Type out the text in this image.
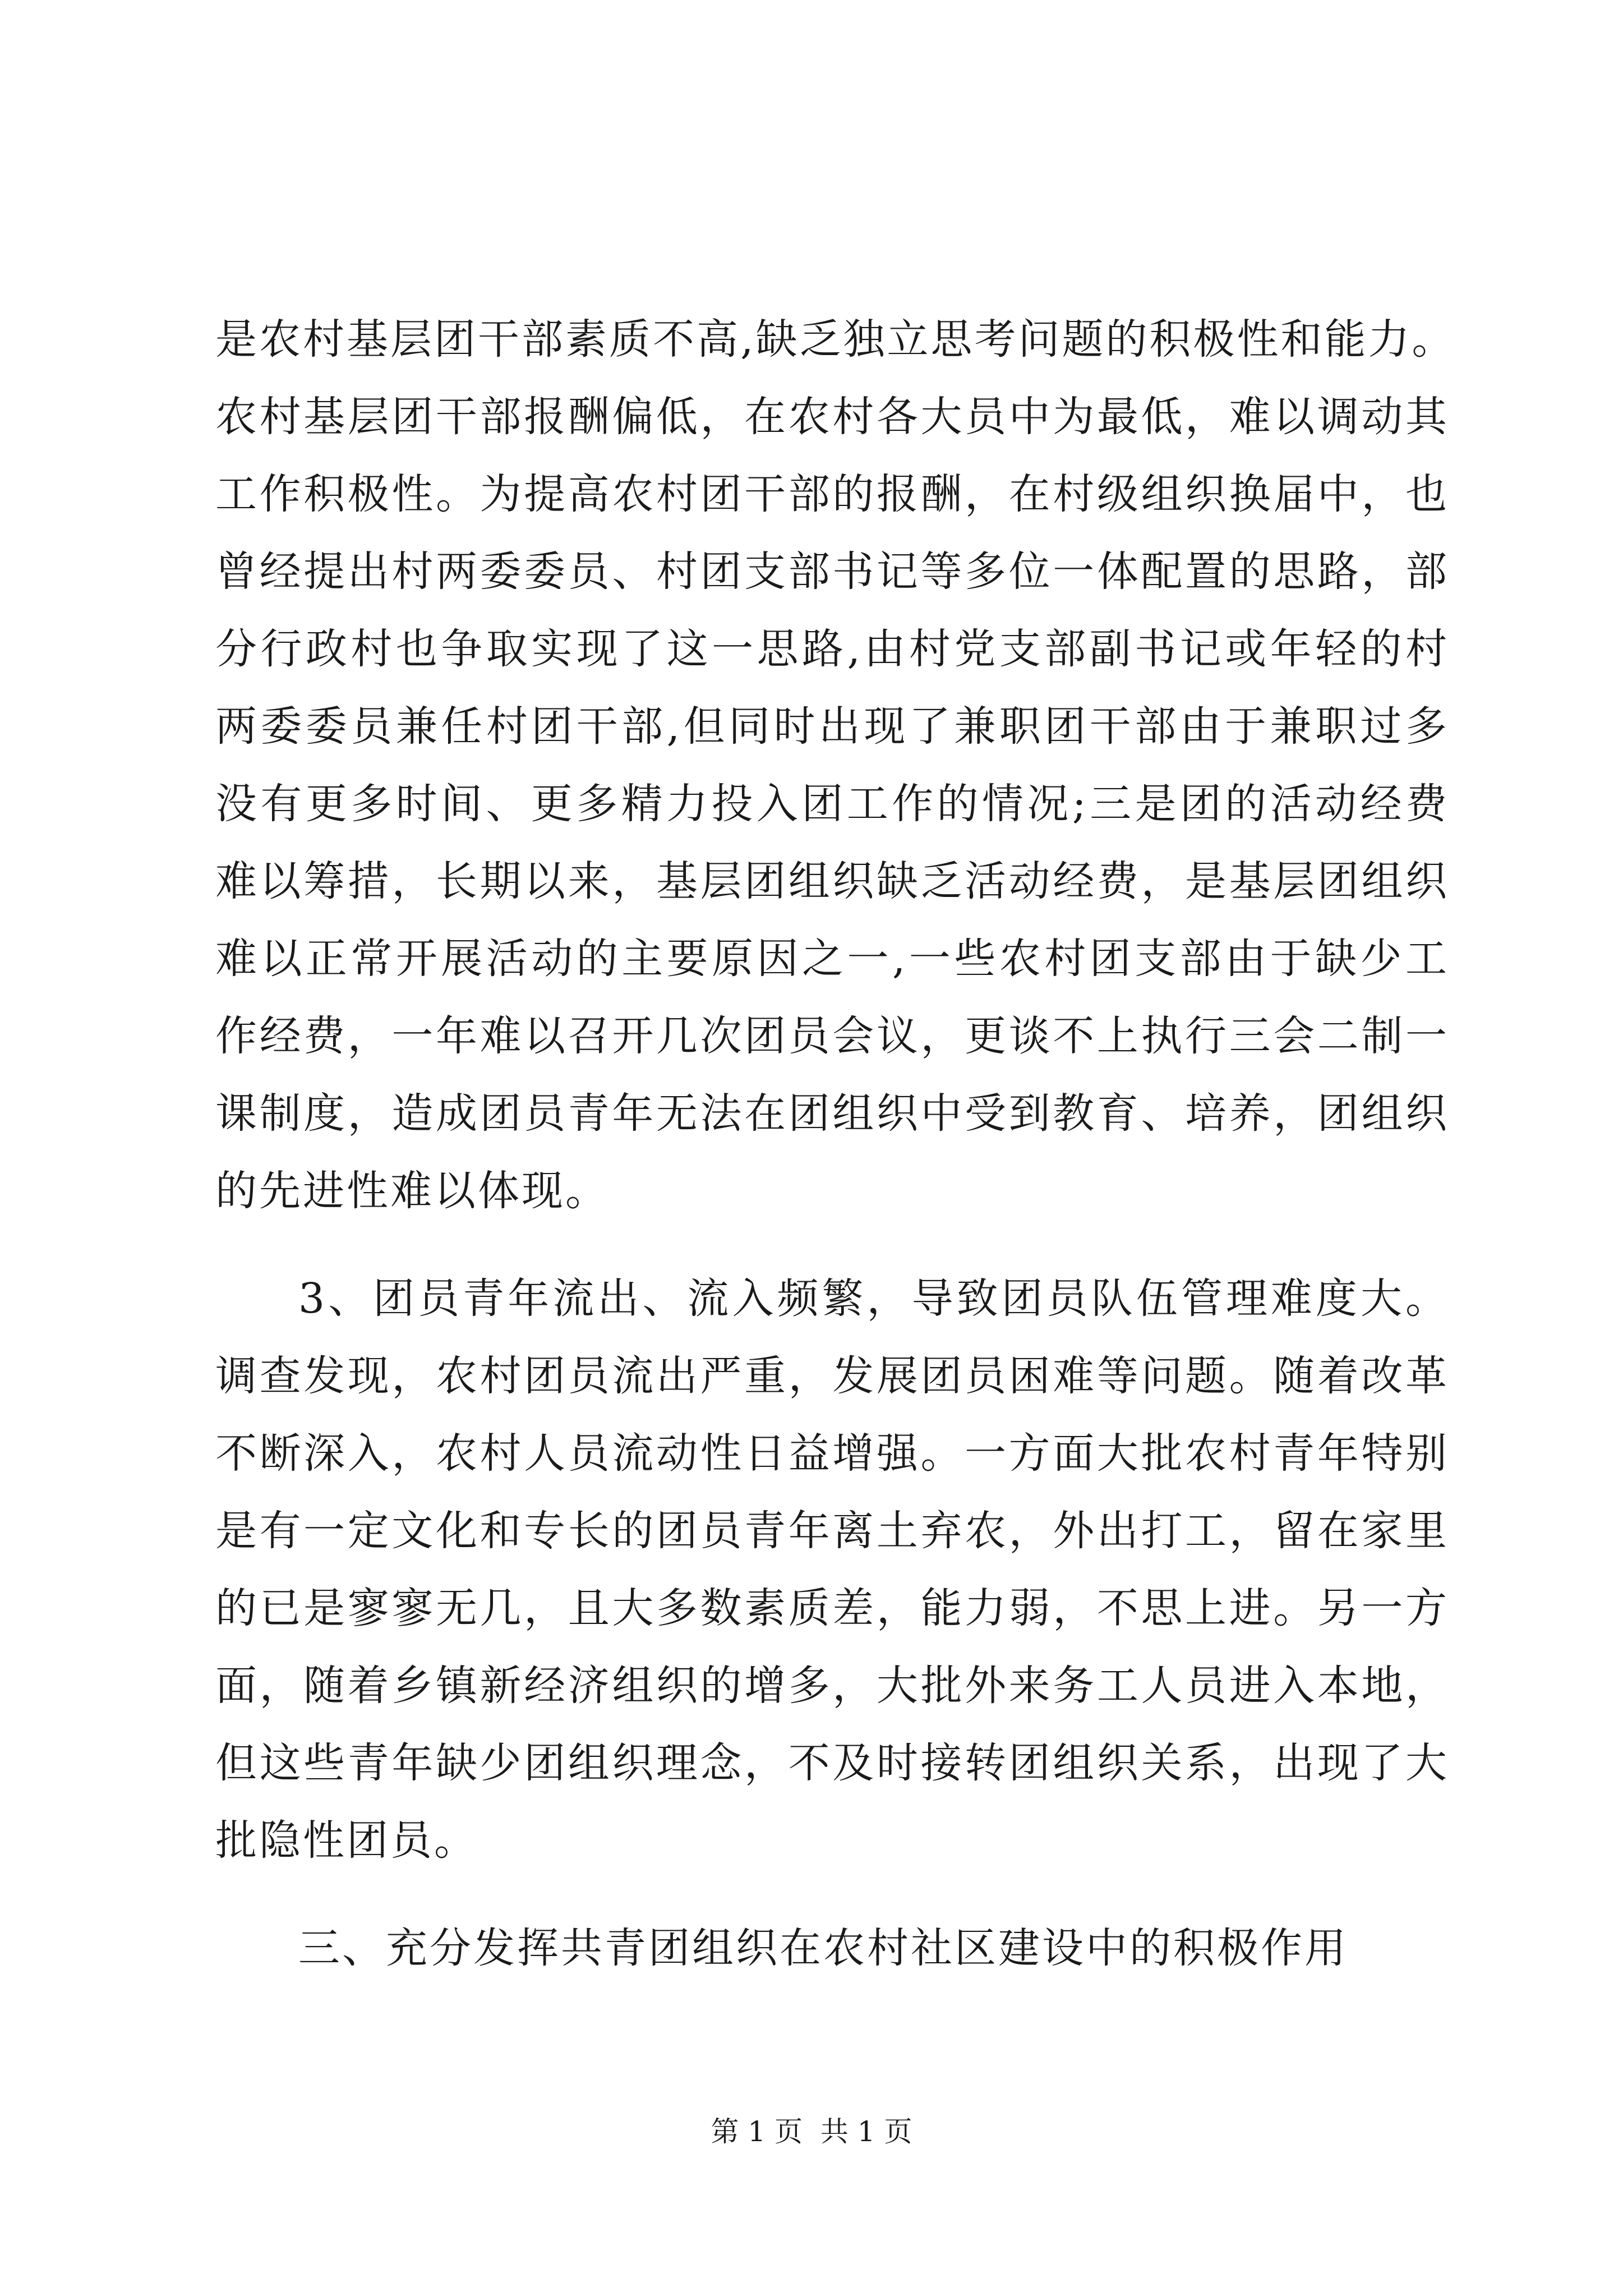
是农村基层团干部素质不高,缺乏独立思考问题的积极性和能力。
农村基层团干部报酬偏低，在农村各大员中为最低，难以调动其
工作积极性。为提高农村团干部的报酬，在村级组织换届中，也
曾经提出村两委委员、村团支部书记等多位一体配置的思路，部
分行政村也争取实现了这一思路,由村党支部副书记或年轻的村
两委委员兼任村团干部,但同时出现了兼职团干部由于兼职过多
没有更多时间、更多精力投入团工作的情况;三是团的活动经费
难以筹措，长期以来，基层团组织缺乏活动经费，是基层团组织
难以正常开展活动的主要原因之一,一些农村团支部由于缺少工
作经费，一年难以召开几次团员会议，更谈不上执行三会二制一
课制度，造成团员青年无法在团组织中受到教育、培养，团组织
的先进性难以体现。
3、团员青年流出、流入频繁，导致团员队伍管理难度大。
调查发现，农村团员流出严重，发展团员困难等问题。随着改革
不断深入，农村人员流动性日益增强。一方面大批农村青年特别
是有一定文化和专长的团员青年离土弃农，外出打工，留在家里
的已是寥寥无几，且大多数素质差，能力弱，不思上进。另一方
面，随着乡镇新经济组织的增多，大批外来务工人员进入本地，
但这些青年缺少团组织理念，不及时接转团组织关系，出现了大
批隐性团员。
三、充分发挥共青团组织在农村社区建设中的积极作用
第 1 页  共 1 页
